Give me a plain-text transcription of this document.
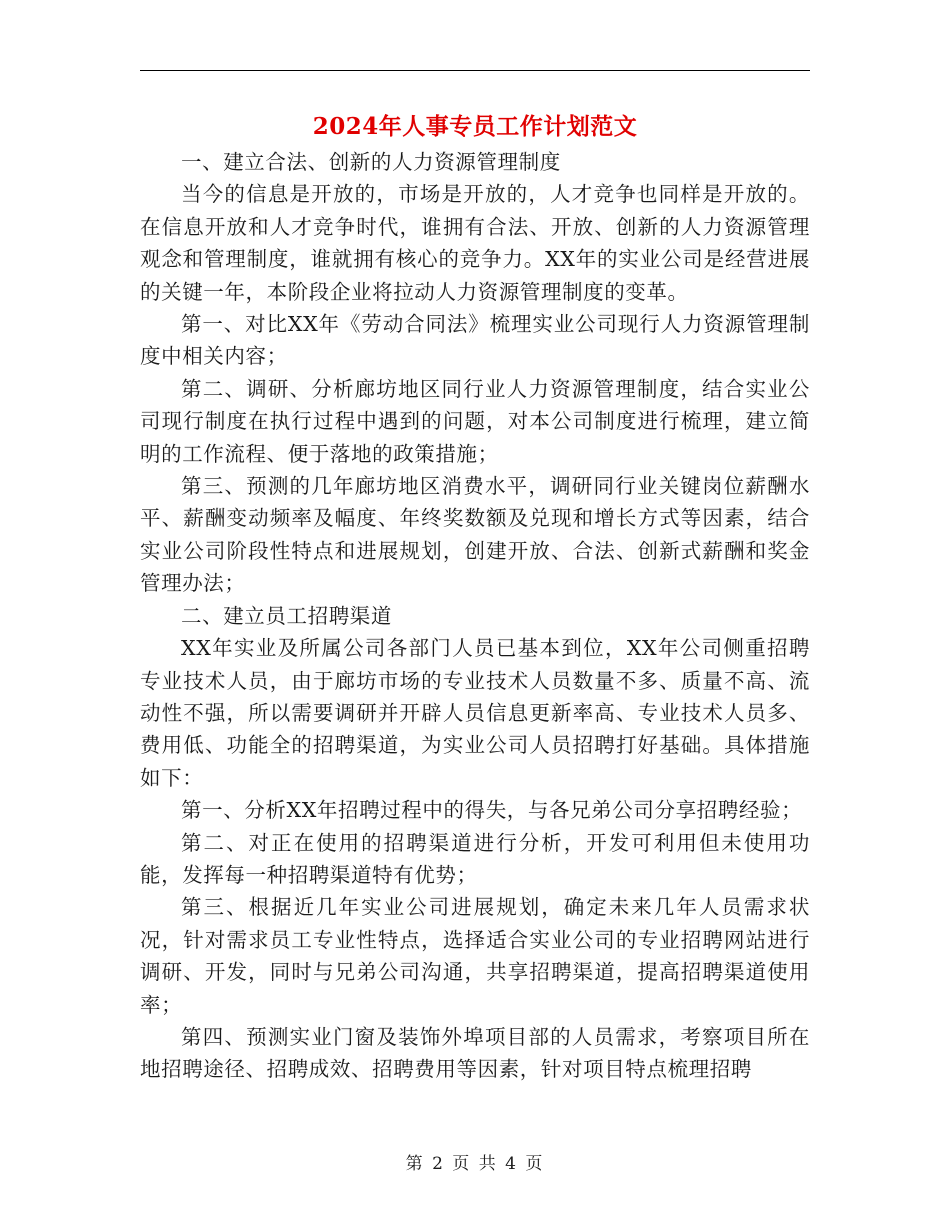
2024年人事专员工作计划范文

一、建立合法、创新的人力资源管理制度

当今的信息是开放的，市场是开放的，人才竞争也同样是开放的。在信息开放和人才竞争时代，谁拥有合法、开放、创新的人力资源管理观念和管理制度，谁就拥有核心的竞争力。XX年的实业公司是经营进展的关键一年，本阶段企业将拉动人力资源管理制度的变革。

第一、对比XX年《劳动合同法》梳理实业公司现行人力资源管理制度中相关内容；

第二、调研、分析廊坊地区同行业人力资源管理制度，结合实业公司现行制度在执行过程中遇到的问题，对本公司制度进行梳理，建立简明的工作流程、便于落地的政策措施；

第三、预测的几年廊坊地区消费水平，调研同行业关键岗位薪酬水平、薪酬变动频率及幅度、年终奖数额及兑现和增长方式等因素，结合实业公司阶段性特点和进展规划，创建开放、合法、创新式薪酬和奖金管理办法；

二、建立员工招聘渠道

XX年实业及所属公司各部门人员已基本到位，XX年公司侧重招聘专业技术人员，由于廊坊市场的专业技术人员数量不多、质量不高、流动性不强，所以需要调研并开辟人员信息更新率高、专业技术人员多、费用低、功能全的招聘渠道，为实业公司人员招聘打好基础。具体措施如下：

第一、分析XX年招聘过程中的得失，与各兄弟公司分享招聘经验；

第二、对正在使用的招聘渠道进行分析，开发可利用但未使用功能，发挥每一种招聘渠道特有优势；

第三、根据近几年实业公司进展规划，确定未来几年人员需求状况，针对需求员工专业性特点，选择适合实业公司的专业招聘网站进行调研、开发，同时与兄弟公司沟通，共享招聘渠道，提高招聘渠道使用率；

第四、预测实业门窗及装饰外埠项目部的人员需求，考察项目所在地招聘途径、招聘成效、招聘费用等因素，针对项目特点梳理招聘

第 2 页 共 4 页
